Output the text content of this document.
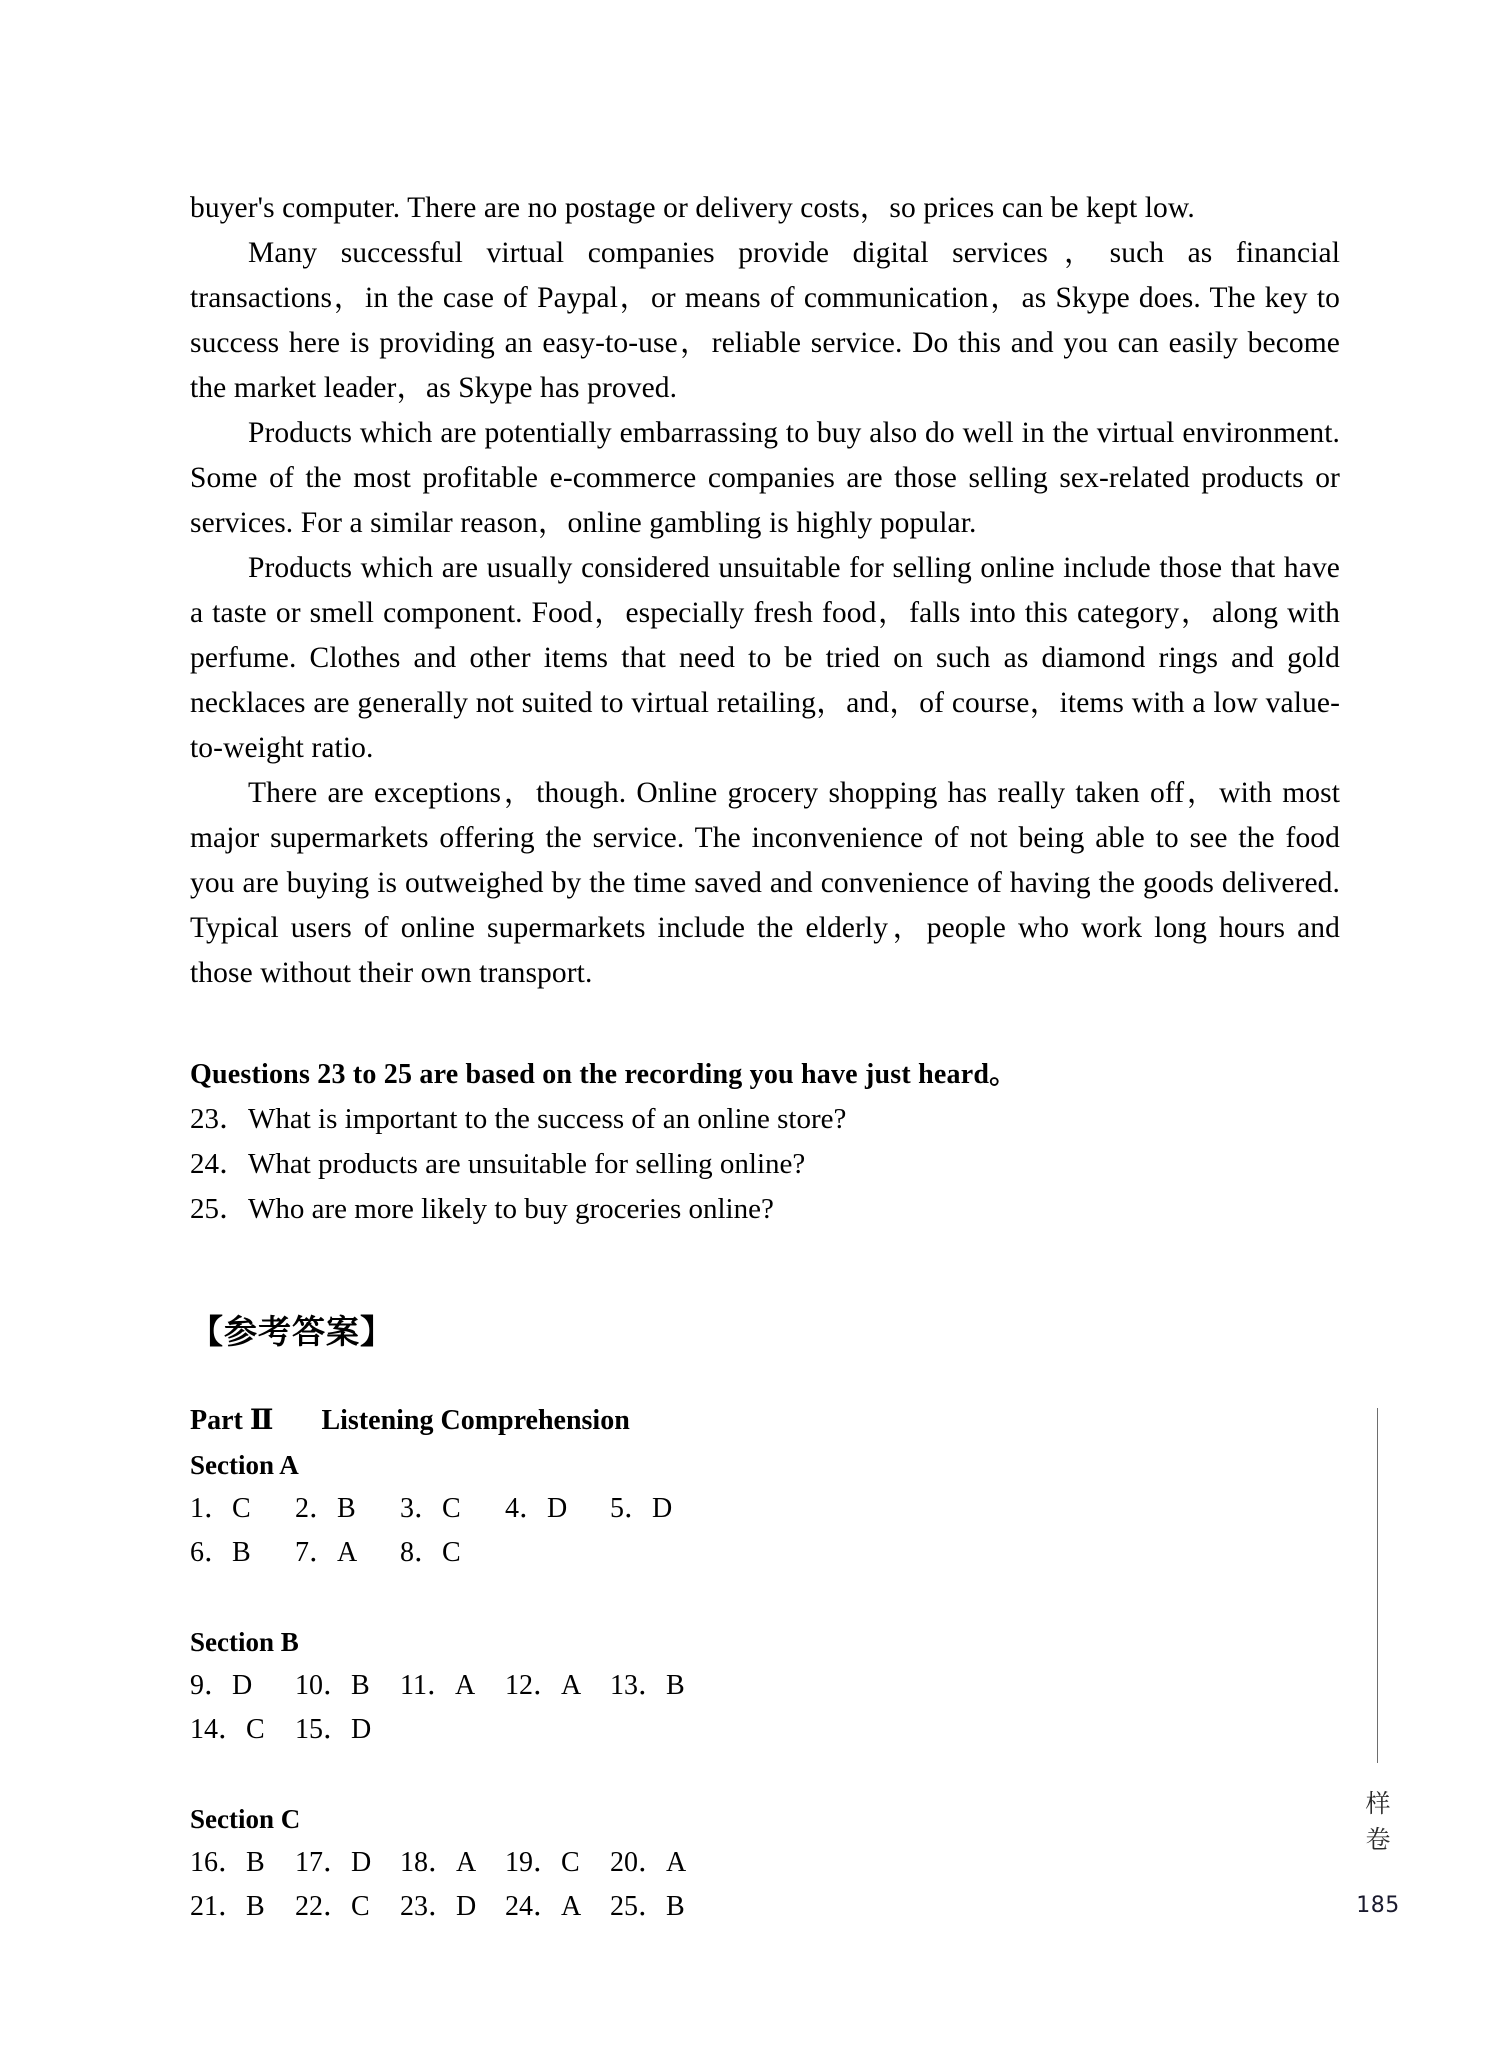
buyer's computer. There are no postage or delivery costs，so prices can be kept low.

Many successful virtual companies provide digital services，such as financial transactions，in the case of Paypal，or means of communication，as Skype does. The key to success here is providing an easy-to-use，reliable service. Do this and you can easily become the market leader，as Skype has proved.

Products which are potentially embarrassing to buy also do well in the virtual environment. Some of the most profitable e-commerce companies are those selling sex-related products or services. For a similar reason，online gambling is highly popular.

Products which are usually considered unsuitable for selling online include those that have a taste or smell component. Food，especially fresh food，falls into this category，along with perfume. Clothes and other items that need to be tried on such as diamond rings and gold necklaces are generally not suited to virtual retailing，and，of course，items with a low value-to-weight ratio.

There are exceptions，though. Online grocery shopping has really taken off，with most major supermarkets offering the service. The inconvenience of not being able to see the food you are buying is outweighed by the time saved and convenience of having the goods delivered. Typical users of online supermarkets include the elderly，people who work long hours and those without their own transport.

Questions 23 to 25 are based on the recording you have just heard。

23．What is important to the success of an online store?

24．What products are unsuitable for selling online?

25．Who are more likely to buy groceries online?

【参考答案】

Part Ⅱ Listening Comprehension

Section A

1．C	2．B	3．C	4．D	5．D
6．B	7．A	8．C

Section B

9．D	10．B	11．A	12．A	13．B
14．C	15．D

Section C

16．B	17．D	18．A	19．C	20．A
21．B	22．C	23．D	24．A	25．B
样
卷
185
